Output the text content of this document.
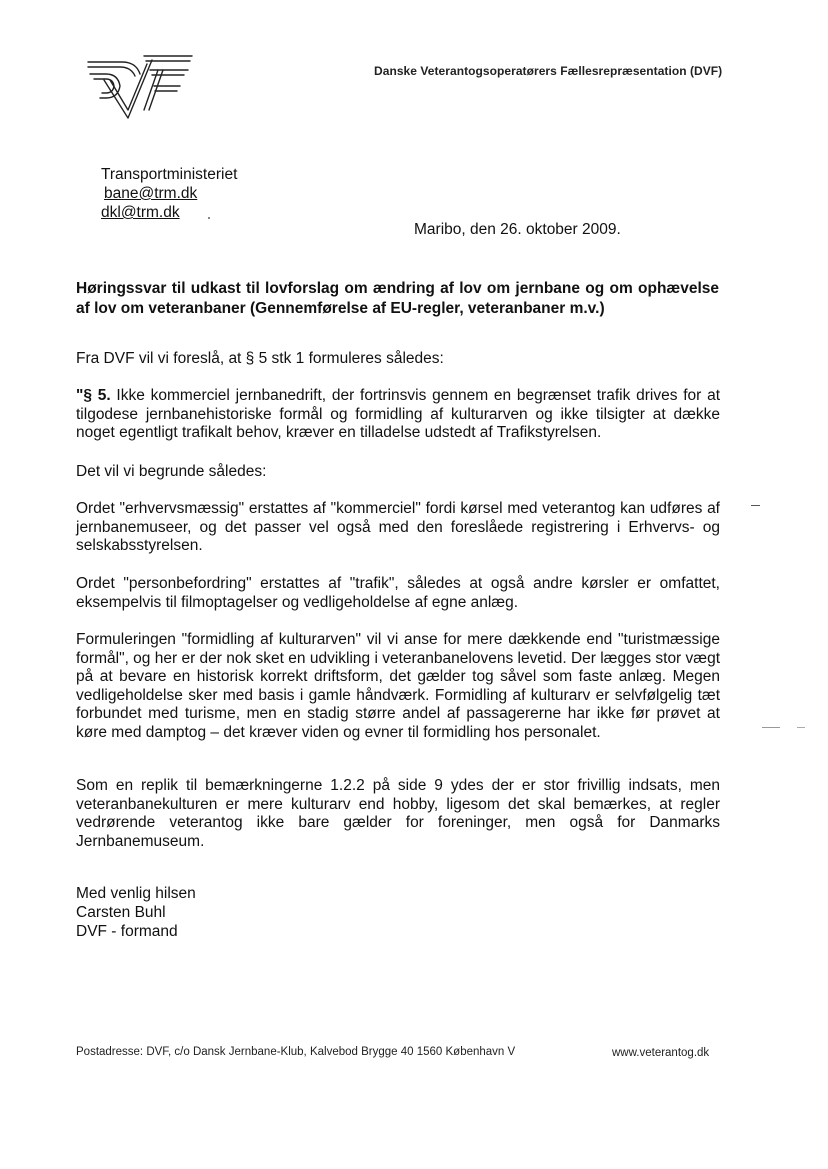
Danske Veterantogsoperatørers Fællesrepræsentation (DVF)
Transportministeriet
bane@trm.dk
dkl@trm.dk
Maribo, den 26. oktober 2009.
Høringssvar til udkast til lovforslag om ændring af lov om jernbane og om ophævelse af lov om veteranbaner (Gennemførelse af EU-regler, veteranbaner m.v.)

Fra DVF vil vi foreslå, at § 5 stk 1 formuleres således:

"§ 5. Ikke kommerciel jernbanedrift, der fortrinsvis gennem en begrænset trafik drives for at tilgodese jernbanehistoriske formål og formidling af kulturarven og ikke tilsigter at dække noget egentligt trafikalt behov, kræver en tilladelse udstedt af Trafikstyrelsen.

Det vil vi begrunde således:

Ordet "erhvervsmæssig" erstattes af "kommerciel" fordi kørsel med veterantog kan udføres af jernbanemuseer, og det passer vel også med den foreslåede registrering i Erhvervs- og selskabsstyrelsen.

Ordet "personbefordring" erstattes af "trafik", således at også andre kørsler er omfattet, eksempelvis til filmoptagelser og vedligeholdelse af egne anlæg.

Formuleringen "formidling af kulturarven" vil vi anse for mere dækkende end "turistmæssige formål", og her er der nok sket en udvikling i veteranbanelovens levetid. Der lægges stor vægt på at bevare en historisk korrekt driftsform, det gælder tog såvel som faste anlæg. Megen vedligeholdelse sker med basis i gamle håndværk. Formidling af kulturarv er selvfølgelig tæt forbundet med turisme, men en stadig større andel af passagererne har ikke før prøvet at køre med damptog – det kræver viden og evner til formidling hos personalet.

Som en replik til bemærkningerne 1.2.2 på side 9 ydes der er stor frivillig indsats, men veteranbanekulturen er mere kulturarv end hobby, ligesom det skal bemærkes, at regler vedrørende veterantog ikke bare gælder for foreninger, men også for Danmarks Jernbanemuseum.

Med venlig hilsen
Carsten Buhl
DVF - formand
Postadresse: DVF, c/o Dansk Jernbane-Klub, Kalvebod Brygge 40 1560 København V	www.veterantog.dk
